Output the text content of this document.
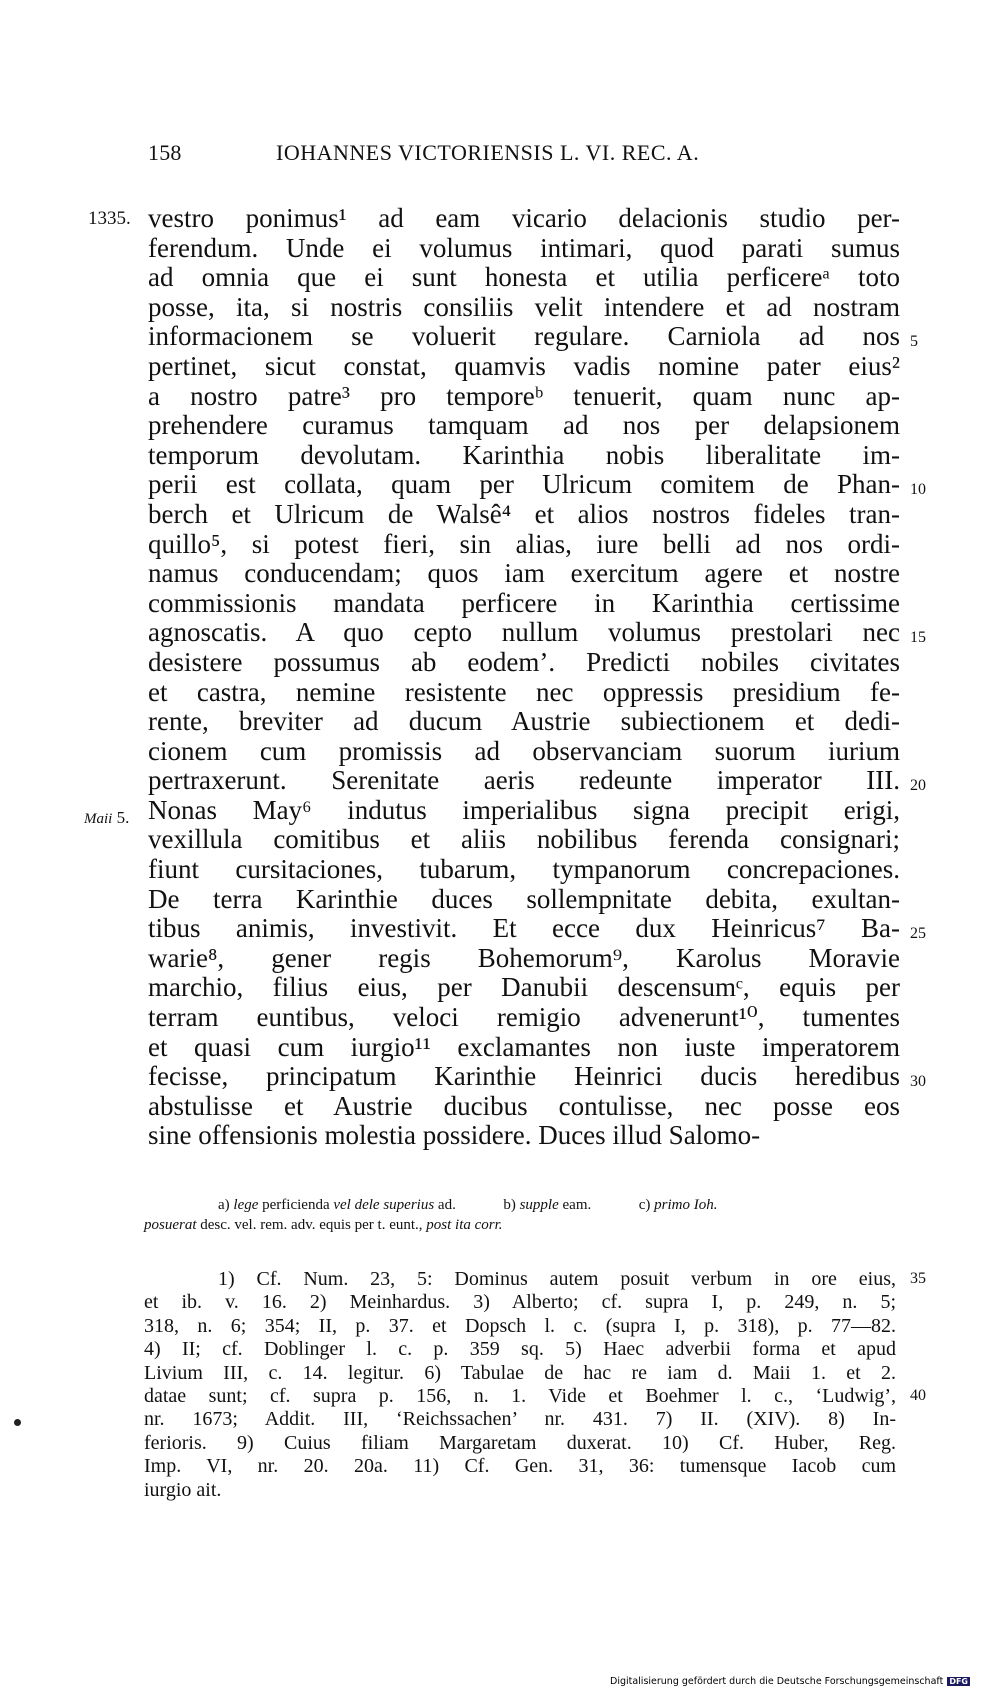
158	IOHANNES VICTORIENSIS L. VI. REC. A.
1335.
Maii 5.
vestro ponimus¹ ad eam vicario delacionis studio per-
ferendum. Unde ei volumus intimari, quod parati sumus
ad omnia que ei sunt honesta et utilia perficereᵃ toto
posse, ita, si nostris consiliis velit intendere et ad nostram
informacionem se voluerit regulare. Carniola ad nos
pertinet, sicut constat, quamvis vadis nomine pater eius²
a nostro patre³ pro temporeᵇ tenuerit, quam nunc ap-
prehendere curamus tamquam ad nos per delapsionem
temporum devolutam. Karinthia nobis liberalitate im-
perii est collata, quam per Ulricum comitem de Phan-
berch et Ulricum de Walsê⁴ et alios nostros fideles tran-
quillo⁵, si potest fieri, sin alias, iure belli ad nos ordi-
namus conducendam; quos iam exercitum agere et nostre
commissionis mandata perficere in Karinthia certissime
agnoscatis. A quo cepto nullum volumus prestolari nec
desistere possumus ab eodem’. Predicti nobiles civitates
et castra, nemine resistente nec oppressis presidium fe-
rente, breviter ad ducum Austrie subiectionem et dedi-
cionem cum promissis ad observanciam suorum iurium
pertraxerunt. Serenitate aeris redeunte imperator III.
Nonas May⁶ indutus imperialibus signa precipit erigi,
vexillula comitibus et aliis nobilibus ferenda consignari;
fiunt cursitaciones, tubarum, tympanorum concrepaciones.
De terra Karinthie duces sollempnitate debita, exultan-
tibus animis, investivit. Et ecce dux Heinricus⁷ Ba-
warie⁸, gener regis Bohemorum⁹, Karolus Moravie
marchio, filius eius, per Danubii descensumᶜ, equis per
terram euntibus, veloci remigio advenerunt¹⁰, tumentes
et quasi cum iurgio¹¹ exclamantes non iuste imperatorem
fecisse, principatum Karinthie Heinrici ducis heredibus
abstulisse et Austrie ducibus contulisse, nec posse eos
sine offensionis molestia possidere. Duces illud Salomo-
5
10
15
20
25
30
a) lege perficienda vel dele superius ad.	b) supple eam.	c) primo Ioh.
posuerat desc. vel. rem. adv. equis per t. eunt., post ita corr.
1) Cf. Num. 23, 5: Dominus autem posuit verbum in ore eius,
et ib. v. 16. 2) Meinhardus. 3) Alberto; cf. supra I, p. 249, n. 5;
318, n. 6; 354; II, p. 37. et Dopsch l. c. (supra I, p. 318), p. 77—82.
4) II; cf. Doblinger l. c. p. 359 sq. 5) Haec adverbii forma et apud
Livium III, c. 14. legitur. 6) Tabulae de hac re iam d. Maii 1. et 2.
datae sunt; cf. supra p. 156, n. 1. Vide et Boehmer l. c., ‘Ludwig’,
nr. 1673; Addit. III, ‘Reichssachen’ nr. 431. 7) II. (XIV). 8) In-
ferioris. 9) Cuius filiam Margaretam duxerat. 10) Cf. Huber, Reg.
Imp. VI, nr. 20. 20a. 11) Cf. Gen. 31, 36: tumensque Iacob cum
iurgio ait.
35
40
Digitalisierung gefördert durch die Deutsche Forschungsgemeinschaft DFG
